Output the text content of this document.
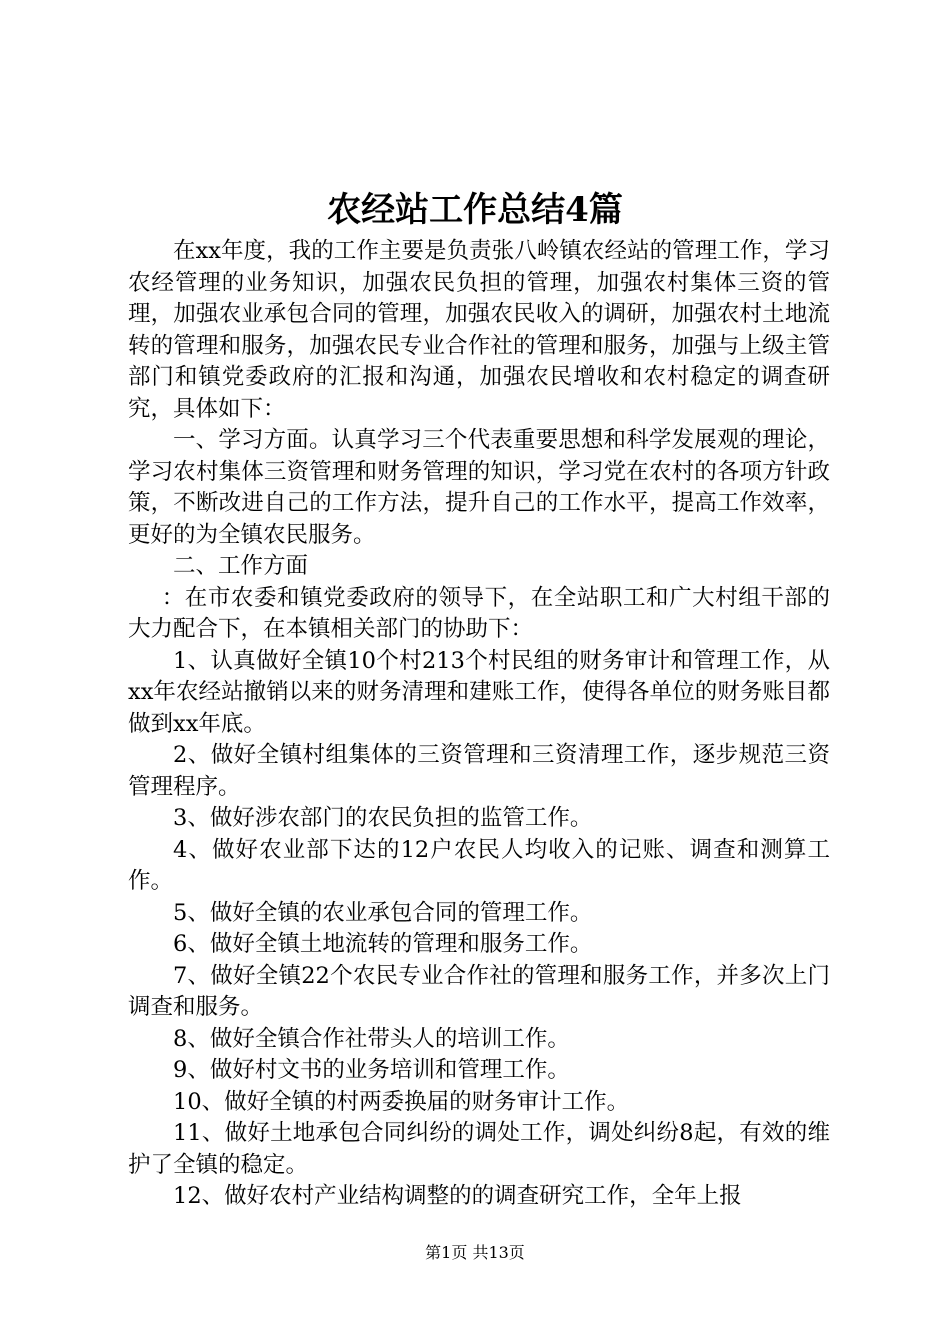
农经站工作总结4篇

在xx年度，我的工作主要是负责张八岭镇农经站的管理工作，学习农经管理的业务知识，加强农民负担的管理，加强农村集体三资的管理，加强农业承包合同的管理，加强农民收入的调研，加强农村土地流转的管理和服务，加强农民专业合作社的管理和服务，加强与上级主管部门和镇党委政府的汇报和沟通，加强农民增收和农村稳定的调查研究，具体如下：

一、学习方面。认真学习三个代表重要思想和科学发展观的理论，学习农村集体三资管理和财务管理的知识，学习党在农村的各项方针政策，不断改进自己的工作方法，提升自己的工作水平，提高工作效率，更好的为全镇农民服务。

二、工作方面

：在市农委和镇党委政府的领导下，在全站职工和广大村组干部的大力配合下，在本镇相关部门的协助下：

1、认真做好全镇10个村213个村民组的财务审计和管理工作，从xx年农经站撤销以来的财务清理和建账工作，使得各单位的财务账目都做到xx年底。

2、做好全镇村组集体的三资管理和三资清理工作，逐步规范三资管理程序。

3、做好涉农部门的农民负担的监管工作。

4、做好农业部下达的12户农民人均收入的记账、调查和测算工作。

5、做好全镇的农业承包合同的管理工作。

6、做好全镇土地流转的管理和服务工作。

7、做好全镇22个农民专业合作社的管理和服务工作，并多次上门调查和服务。

8、做好全镇合作社带头人的培训工作。

9、做好村文书的业务培训和管理工作。

10、做好全镇的村两委换届的财务审计工作。

11、做好土地承包合同纠纷的调处工作，调处纠纷8起，有效的维护了全镇的稳定。

12、做好农村产业结构调整的的调查研究工作，全年上报

第1页 共13页
